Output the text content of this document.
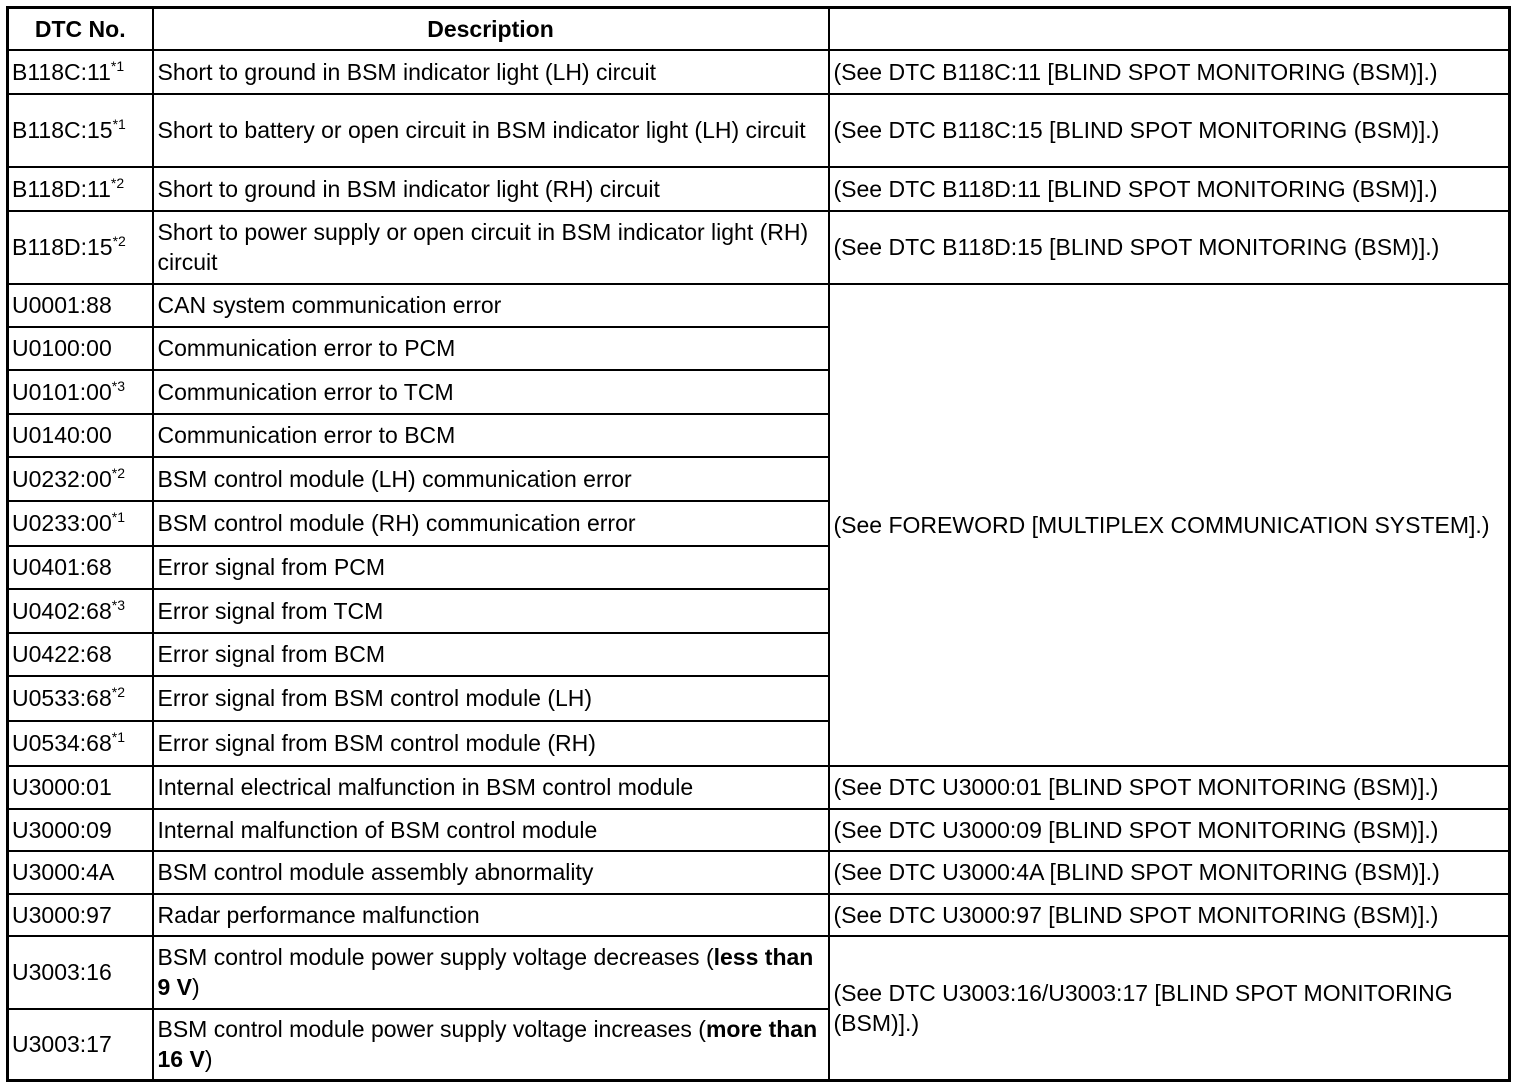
DTC No.	Description	
B118C:11$^{*1}$	Short to ground in BSM indicator light (LH) circuit	(See DTC B118C:11 [BLIND SPOT MONITORING (BSM)].)
B118C:15$^{*1}$	Short to battery or open circuit in BSM indicator light (LH) circuit	(See DTC B118C:15 [BLIND SPOT MONITORING (BSM)].)
B118D:11$^{*2}$	Short to ground in BSM indicator light (RH) circuit	(See DTC B118D:11 [BLIND SPOT MONITORING (BSM)].)
B118D:15$^{*2}$	Short to power supply or open circuit in BSM indicator light (RH) circuit	(See DTC B118D:15 [BLIND SPOT MONITORING (BSM)].)
U0001:88	CAN system communication error	(See FOREWORD [MULTIPLEX COMMUNICATION SYSTEM].)
U0100:00	Communication error to PCM	
U0101:00$^{*3}$	Communication error to TCM	
U0140:00	Communication error to BCM	
U0232:00$^{*2}$	BSM control module (LH) communication error	
U0233:00$^{*1}$	BSM control module (RH) communication error	
U0401:68	Error signal from PCM	
U0402:68$^{*3}$	Error signal from TCM	
U0422:68	Error signal from BCM	
U0533:68$^{*2}$	Error signal from BSM control module (LH)	
U0534:68$^{*1}$	Error signal from BSM control module (RH)	
U3000:01	Internal electrical malfunction in BSM control module	(See DTC U3000:01 [BLIND SPOT MONITORING (BSM)].)
U3000:09	Internal malfunction of BSM control module	(See DTC U3000:09 [BLIND SPOT MONITORING (BSM)].)
U3000:4A	BSM control module assembly abnormality	(See DTC U3000:4A [BLIND SPOT MONITORING (BSM)].)
U3000:97	Radar performance malfunction	(See DTC U3000:97 [BLIND SPOT MONITORING (BSM)].)
U3003:16	BSM control module power supply voltage decreases (less than 9 V)	(See DTC U3003:16/U3003:17 [BLIND SPOT MONITORING (BSM)].)
U3003:17	BSM control module power supply voltage increases (more than 16 V)	
